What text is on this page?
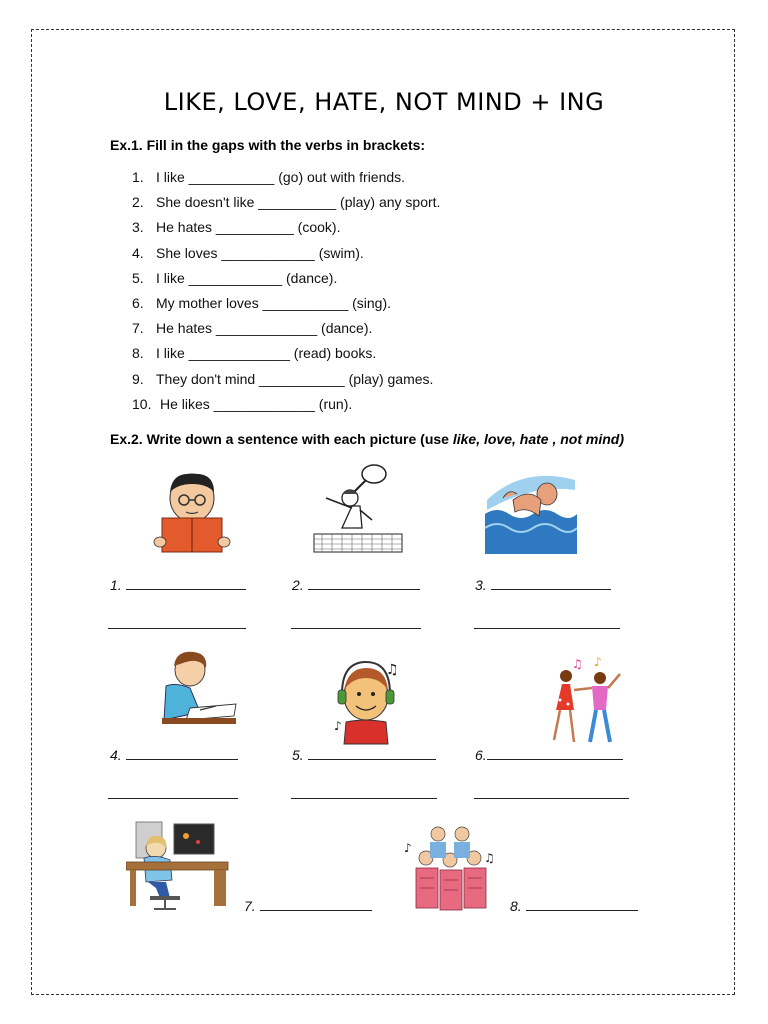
LIKE, LOVE, HATE, NOT MIND + ING
Ex.1. Fill in the gaps with the verbs in brackets:
1. I like ___________ (go) out with friends.
2. She doesn't like __________ (play) any sport.
3. He hates __________ (cook).
4. She loves ____________ (swim).
5. I like ____________ (dance).
6. My mother loves ___________ (sing).
7. He hates _____________ (dance).
8. I like _____________ (read) books.
9. They don't mind ___________ (play) games.
10. He likes _____________ (run).
Ex.2. Write down a sentence with each picture (use like, love, hate , not mind)
♫
♪
♫ ♪
♪
♫
1.	2.	3.
4.	5.	6.
7.	8.
